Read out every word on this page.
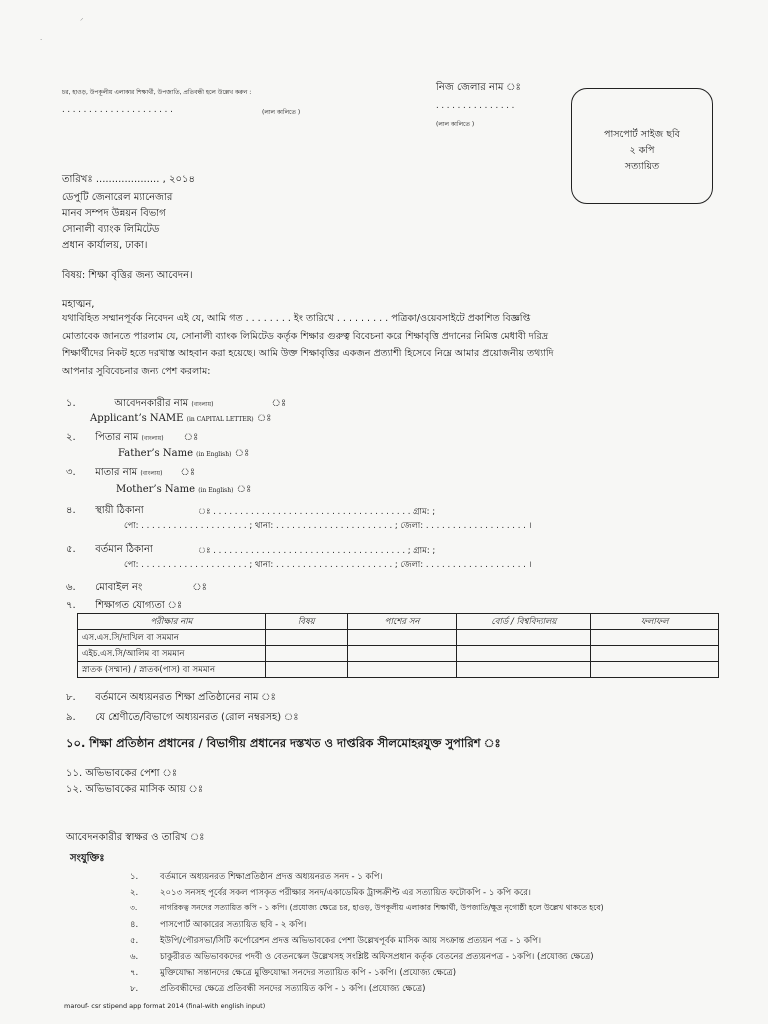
⸝
·
চর, হাওড়, উপকূলীয় এলাকার শিক্ষার্থী, উপজাতি, প্রতিবন্ধী হলে উল্লেখ করুন :
. . . . . . . . . . . . . . . . . . . . .	(লাল কালিতে )
নিজ জেলার নাম ঃ
. . . . . . . . . . . . . . .
(লাল কালিতে )
পাসপোর্ট সাইজ ছবি
২ কপি
সত্যায়িত
তারিখঃ .................... , ২০১৪
ডেপুটি জেনারেল ম্যানেজার
মানব সম্পদ উন্নয়ন বিভাগ
সোনালী ব্যাংক লিমিটেড
প্রধান কার্যালয়, ঢাকা।
বিষয়: শিক্ষা বৃত্তির জন্য আবেদন।
মহাত্মন,
যথাবিহিত সম্মানপূর্বক নিবেদন এই যে, আমি গত . . . . . . . . ইং তারিখে . . . . . . . . . পত্রিকা/ওয়েবসাইটে প্রকাশিত বিজ্ঞপ্তি
মোতাবেক জানতে পারলাম যে, সোনালী ব্যাংক লিমিটেড কর্তৃক শিক্ষার গুরুত্ব বিবেচনা করে শিক্ষাবৃত্তি প্রদানের নিমিত্ত মেধাবী দরিদ্র
শিক্ষার্থীদের নিকট হতে দরখাস্ত আহবান করা হয়েছে। আমি উক্ত শিক্ষাবৃত্তির একজন প্রত্যাশী হিসেবে নিম্নে আমার প্রয়োজনীয় তথ্যাদি
আপনার সুবিবেচনার জন্য পেশ করলাম:
১.	আবেদনকারীর নাম (বাংলায়)
Applicant’s NAME (in CAPITAL LETTER) ঃ
২. পিতার নাম (বাংলায়)
Father’s Name (in English) ঃ
৩. মাতার নাম (বাংলায়)
Mother’s Name (in English) ঃ
৪. স্থায়ী ঠিকানা	ঃ . . . . . . . . . . . . . . . . . . . . . . . . . . . . . . . . . . . . . গ্রাম: ;
পো: . . . . . . . . . . . . . . . . . . . . ; থানা: . . . . . . . . . . . . . . . . . . . . . . ; জেলা: . . . . . . . . . . . . . . . . . . . ।
৫. বর্তমান ঠিকানা	ঃ . . . . . . . . . . . . . . . . . . . . . . . . . . . . . . . . . . . . ; গ্রাম: ;
পো: . . . . . . . . . . . . . . . . . . . . ; থানা: . . . . . . . . . . . . . . . . . . . . . . ; জেলা: . . . . . . . . . . . . . . . . . . . ।
৬. মোবাইল নং
৭. শিক্ষাগত যোগ্যতা ঃ
পরীক্ষার নাম	বিষয়	পাশের সন	বোর্ড / বিশ্ববিদ্যালয়	ফলাফল
এস.এস.সি/দাখিল বা সমমান				
এইচ.এস.সি/আলিম বা সমমান				
স্নাতক (সম্মান) / স্নাতক(পাস) বা সমমান				
৮. বর্তমানে অধ্যয়নরত শিক্ষা প্রতিষ্ঠানের নাম ঃ
৯. যে শ্রেণীতে/বিভাগে অধ্যয়নরত (রোল নম্বরসহ) ঃ
১০. শিক্ষা প্রতিষ্ঠান প্রধানের / বিভাগীয় প্রধানের দস্তখত ও দাপ্তরিক সীলমোহরযুক্ত সুপারিশ ঃ
১১. অভিভাবকের পেশা ঃ
১২. অভিভাবকের মাসিক আয় ঃ
আবেদনকারীর স্বাক্ষর ও তারিখ ঃ
সংযুক্তিঃ
১.	বর্তমানে অধ্যয়নরত শিক্ষাপ্রতিষ্ঠান প্রদত্ত অধ্যয়নরত সনদ - ১ কপি।
২.	২০১৩ সনসহ পূর্বের সকল পাসকৃত পরীক্ষার সনদ/একাডেমিক ট্রান্সক্রীপ্ট এর সত্যায়িত ফটোকপি - ১ কপি করে।
৩.	নাগরিকত্ব সনদের সত্যায়িত কপি - ১ কপি। (প্রযোজ্য ক্ষেত্রে চর, হাওড়, উপকূলীয় এলাকার শিক্ষার্থী, উপজাতি/ক্ষুদ্র নৃগোষ্ঠী হলে উল্লেখ থাকতে হবে)
৪.	পাসপোর্ট আকারের সত্যায়িত ছবি - ২ কপি।
৫.	ইউপি/পৌরসভা/সিটি কর্পোরেশন প্রদত্ত অভিভাবকের পেশা উল্লেখপূর্বক মাসিক আয় সংক্রান্ত প্রত্যয়ন পত্র - ১ কপি।
৬.	চাকুরীরত অভিভাবকদের পদবী ও বেতনস্কেল উল্লেখসহ সংশ্লিষ্ট অফিসপ্রধান কর্তৃক বেতনের প্রত্যয়নপত্র - ১কপি। (প্রযোজ্য ক্ষেত্রে)
৭.	মুক্তিযোদ্ধা সন্তানদের ক্ষেত্রে মুক্তিযোদ্ধা সনদের সত্যায়িত কপি - ১কপি। (প্রযোজ্য ক্ষেত্রে)
৮.	প্রতিবন্ধীদের ক্ষেত্রে প্রতিবন্ধী সনদের সত্যায়িত কপি - ১ কপি। (প্রযোজ্য ক্ষেত্রে)
marouf- csr stipend app format 2014 (final-with english input)
